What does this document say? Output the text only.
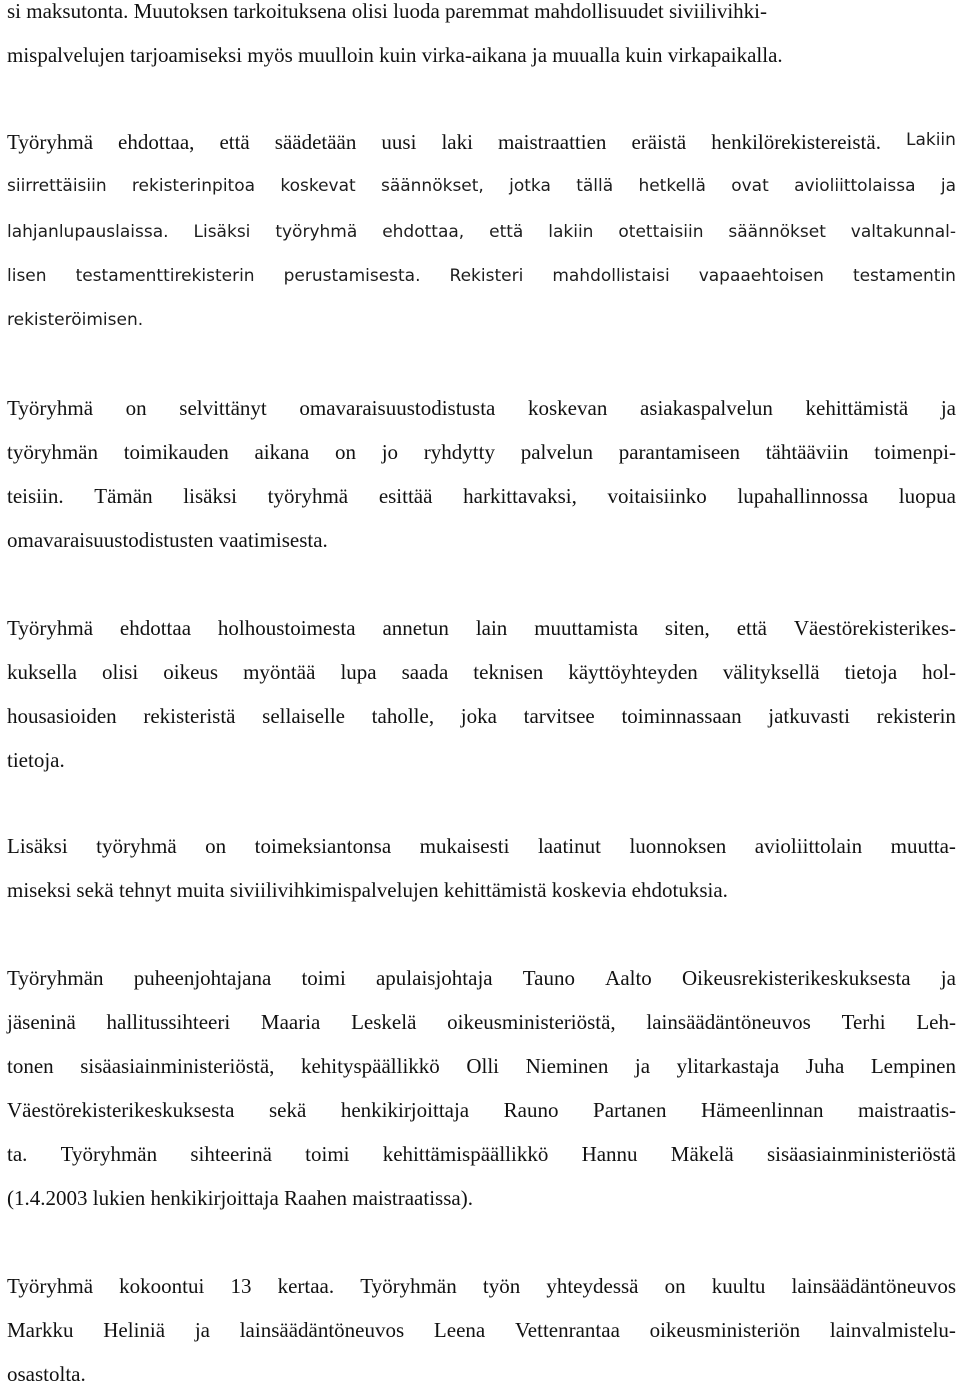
si maksutonta. Muutoksen tarkoituksena olisi luoda paremmat mahdollisuudet siviilivihki-
mispalvelujen tarjoamiseksi myös muulloin kuin virka-aikana ja muualla kuin virkapaikalla.
Työryhmä ehdottaa, että säädetään uusi laki maistraattien eräistä henkilörekistereistä. Lakiin
siirrettäisiin rekisterinpitoa koskevat säännökset, jotka tällä hetkellä ovat avioliittolaissa ja
lahjanlupauslaissa. Lisäksi työryhmä ehdottaa, että lakiin otettaisiin säännökset valtakunnal-
lisen testamenttirekisterin perustamisesta. Rekisteri mahdollistaisi vapaaehtoisen testamentin
rekisteröimisen.
Työryhmä on selvittänyt omavaraisuustodistusta koskevan asiakaspalvelun kehittämistä ja
työryhmän toimikauden aikana on jo ryhdytty palvelun parantamiseen tähtääviin toimenpi-
teisiin. Tämän lisäksi työryhmä esittää harkittavaksi, voitaisiinko lupahallinnossa luopua
omavaraisuustodistusten vaatimisesta.
Työryhmä ehdottaa holhoustoimesta annetun lain muuttamista siten, että Väestörekisterikes-
kuksella olisi oikeus myöntää lupa saada teknisen käyttöyhteyden välityksellä tietoja hol-
housasioiden rekisteristä sellaiselle taholle, joka tarvitsee toiminnassaan jatkuvasti rekisterin
tietoja.
Lisäksi työryhmä on toimeksiantonsa mukaisesti laatinut luonnoksen avioliittolain muutta-
miseksi sekä tehnyt muita siviilivihkimispalvelujen kehittämistä koskevia ehdotuksia.
Työryhmän puheenjohtajana toimi apulaisjohtaja Tauno Aalto Oikeusrekisterikeskuksesta ja
jäseninä hallitussihteeri Maaria Leskelä oikeusministeriöstä, lainsäädäntöneuvos Terhi Leh-
tonen sisäasiainministeriöstä, kehityspäällikkö Olli Nieminen ja ylitarkastaja Juha Lempinen
Väestörekisterikeskuksesta sekä henkikirjoittaja Rauno Partanen Hämeenlinnan maistraatis-
ta. Työryhmän sihteerinä toimi kehittämispäällikkö Hannu Mäkelä sisäasiainministeriöstä
(1.4.2003 lukien henkikirjoittaja Raahen maistraatissa).
Työryhmä kokoontui 13 kertaa. Työryhmän työn yhteydessä on kuultu lainsäädäntöneuvos
Markku Heliniä ja lainsäädäntöneuvos Leena Vettenrantaa oikeusministeriön lainvalmistelu-
osastolta.
